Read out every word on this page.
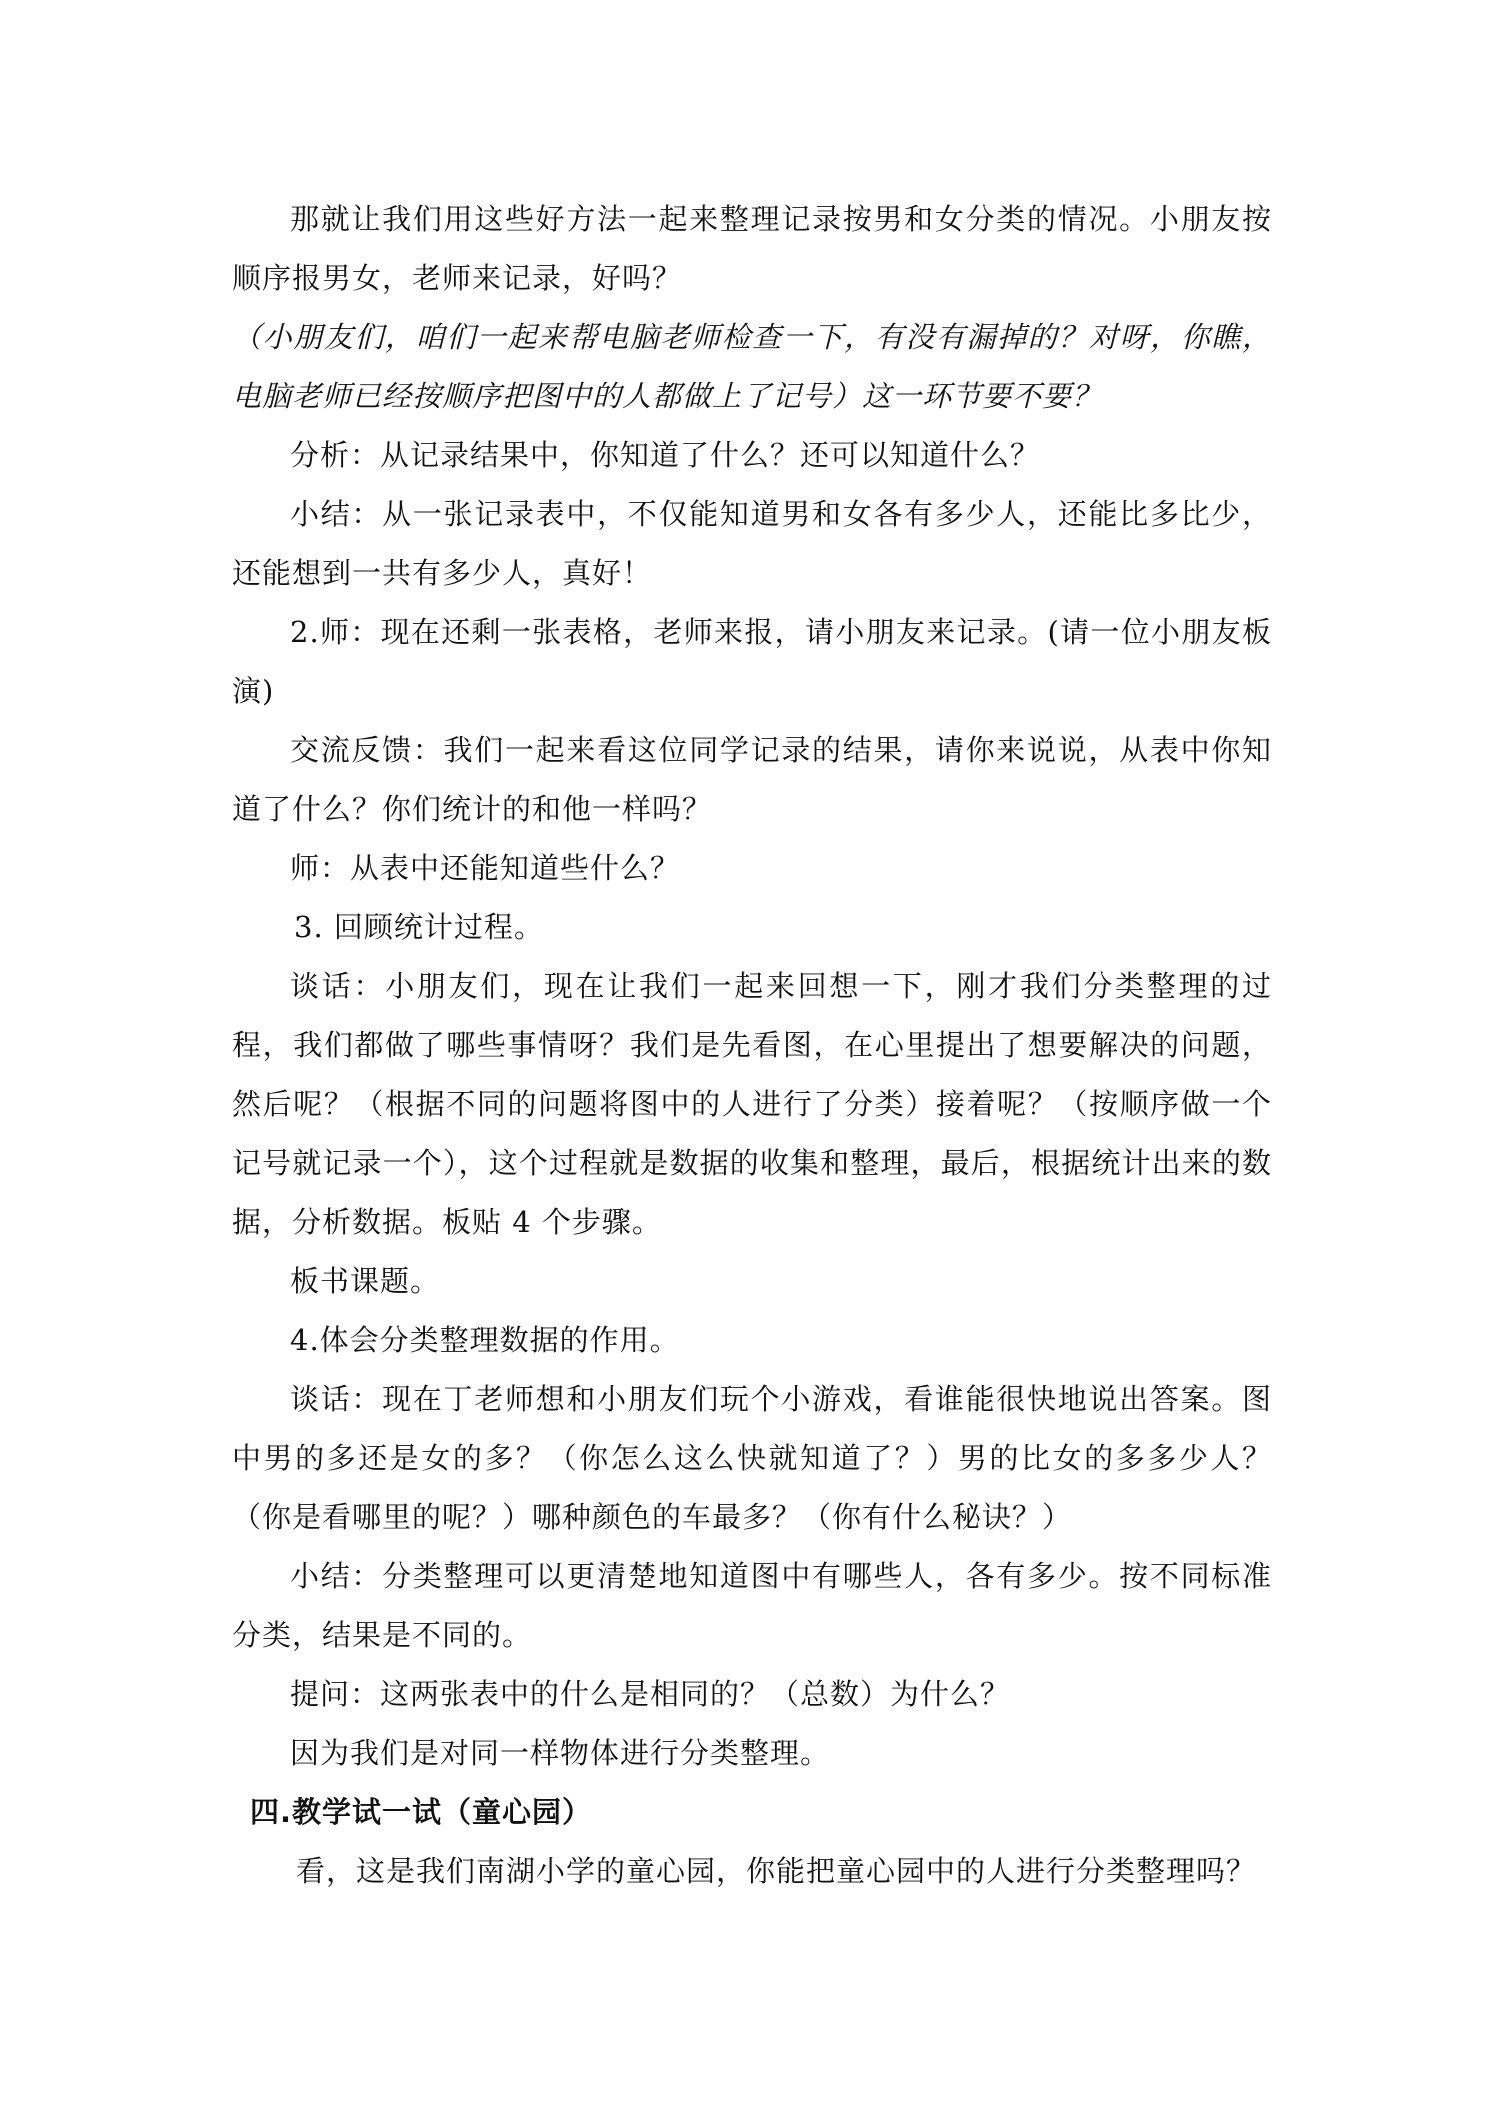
那就让我们用这些好方法一起来整理记录按男和女分类的情况。小朋友按顺序报男女，老师来记录，好吗？

（小朋友们，咱们一起来帮电脑老师检查一下，有没有漏掉的？对呀，你瞧，电脑老师已经按顺序把图中的人都做上了记号）这一环节要不要？

分析：从记录结果中，你知道了什么？还可以知道什么？

小结：从一张记录表中，不仅能知道男和女各有多少人，还能比多比少，还能想到一共有多少人，真好！

2.师：现在还剩一张表格，老师来报，请小朋友来记录。(请一位小朋友板演)

交流反馈：我们一起来看这位同学记录的结果，请你来说说，从表中你知道了什么？你们统计的和他一样吗？

师：从表中还能知道些什么？

3. 回顾统计过程。

谈话：小朋友们，现在让我们一起来回想一下，刚才我们分类整理的过程，我们都做了哪些事情呀？我们是先看图，在心里提出了想要解决的问题，然后呢？（根据不同的问题将图中的人进行了分类）接着呢？（按顺序做一个记号就记录一个），这个过程就是数据的收集和整理，最后，根据统计出来的数据，分析数据。板贴 4 个步骤。

板书课题。

4.体会分类整理数据的作用。

谈话：现在丁老师想和小朋友们玩个小游戏，看谁能很快地说出答案。图中男的多还是女的多？（你怎么这么快就知道了？）男的比女的多多少人？（你是看哪里的呢？）哪种颜色的车最多？（你有什么秘诀？）

小结：分类整理可以更清楚地知道图中有哪些人，各有多少。按不同标准分类，结果是不同的。

提问：这两张表中的什么是相同的？（总数）为什么？

因为我们是对同一样物体进行分类整理。

四.教学试一试（童心园）

看，这是我们南湖小学的童心园，你能把童心园中的人进行分类整理吗？
